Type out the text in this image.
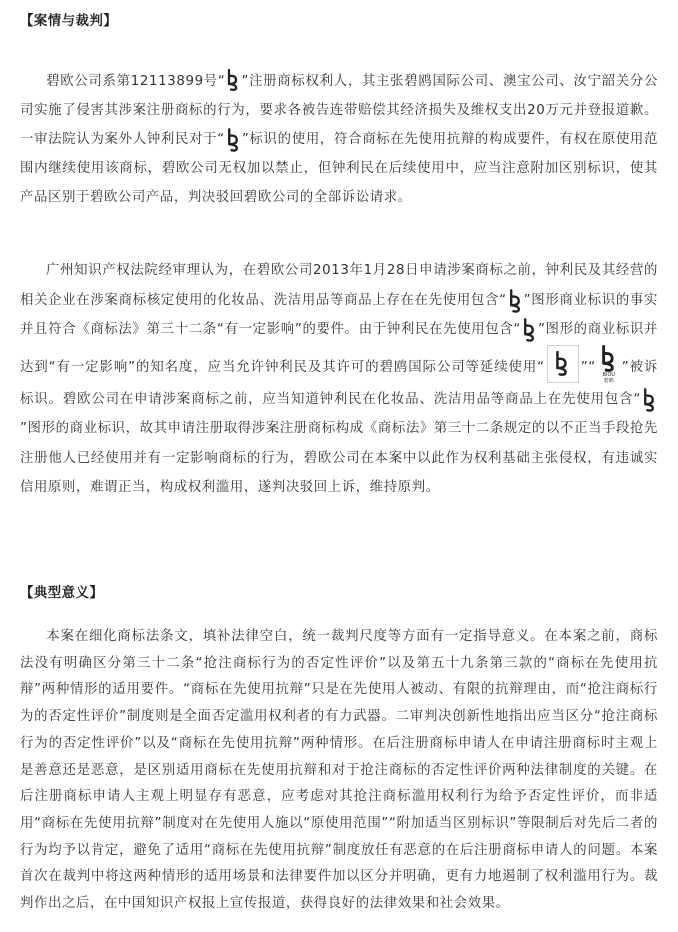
【案情与裁判】
碧欧公司系第12113899号“ ”注册商标权利人，其主张碧鸥国际公司、澳宝公司、汝宁韶关分公司实施了侵害其涉案注册商标的行为，要求各被告连带赔偿其经济损失及维权支出20万元并登报道歉。一审法院认为案外人钟利民对于“ ”标识的使用，符合商标在先使用抗辩的构成要件，有权在原使用范围内继续使用该商标，碧欧公司无权加以禁止，但钟利民在后续使用中，应当注意附加区别标识，使其产品区别于碧欧公司产品，判决驳回碧欧公司的全部诉讼请求。
广州知识产权法院经审理认为，在碧欧公司2013年1月28日申请涉案商标之前，钟利民及其经营的相关企业在涉案商标核定使用的化妆品、洗洁用品等商品上存在在先使用包含“ ”图形商业标识的事实并且符合《商标法》第三十二条“有一定影响”的要件。由于钟利民在先使用包含“ ”图形的商业标识并达到“有一定影响”的知名度，应当允许钟利民及其许可的碧鸥国际公司等延续使用“	”“	BIOU
碧鸥
”被诉标识。碧欧公司在申请涉案商标之前，应当知道钟利民在化妆品、洗洁用品等商品上在先使用包含“
”图形的商业标识，故其申请注册取得涉案注册商标构成《商标法》第三十二条规定的以不正当手段抢先注册他人已经使用并有一定影响商标的行为，碧欧公司在本案中以此作为权利基础主张侵权，有违诚实信用原则，难谓正当，构成权利滥用，遂判决驳回上诉，维持原判。
【典型意义】
本案在细化商标法条文，填补法律空白，统一裁判尺度等方面有一定指导意义。在本案之前，商标法没有明确区分第三十二条“抢注商标行为的否定性评价”以及第五十九条第三款的“商标在先使用抗辩”两种情形的适用要件。“商标在先使用抗辩”只是在先使用人被动、有限的抗辩理由，而“抢注商标行为的否定性评价”制度则是全面否定滥用权利者的有力武器。二审判决创新性地指出应当区分“抢注商标行为的否定性评价”以及“商标在先使用抗辩”两种情形。在后注册商标申请人在申请注册商标时主观上是善意还是恶意，是区别适用商标在先使用抗辩和对于抢注商标的否定性评价两种法律制度的关键。在后注册商标申请人主观上明显存有恶意，应考虑对其抢注商标滥用权利行为给予否定性评价，而非适用“商标在先使用抗辩”制度对在先使用人施以“原使用范围”“附加适当区别标识”等限制后对先后二者的行为均予以肯定，避免了适用“商标在先使用抗辩”制度放任有恶意的在后注册商标申请人的问题。本案首次在裁判中将这两种情形的适用场景和法律要件加以区分并明确，更有力地遏制了权利滥用行为。裁判作出之后，在中国知识产权报上宣传报道，获得良好的法律效果和社会效果。
